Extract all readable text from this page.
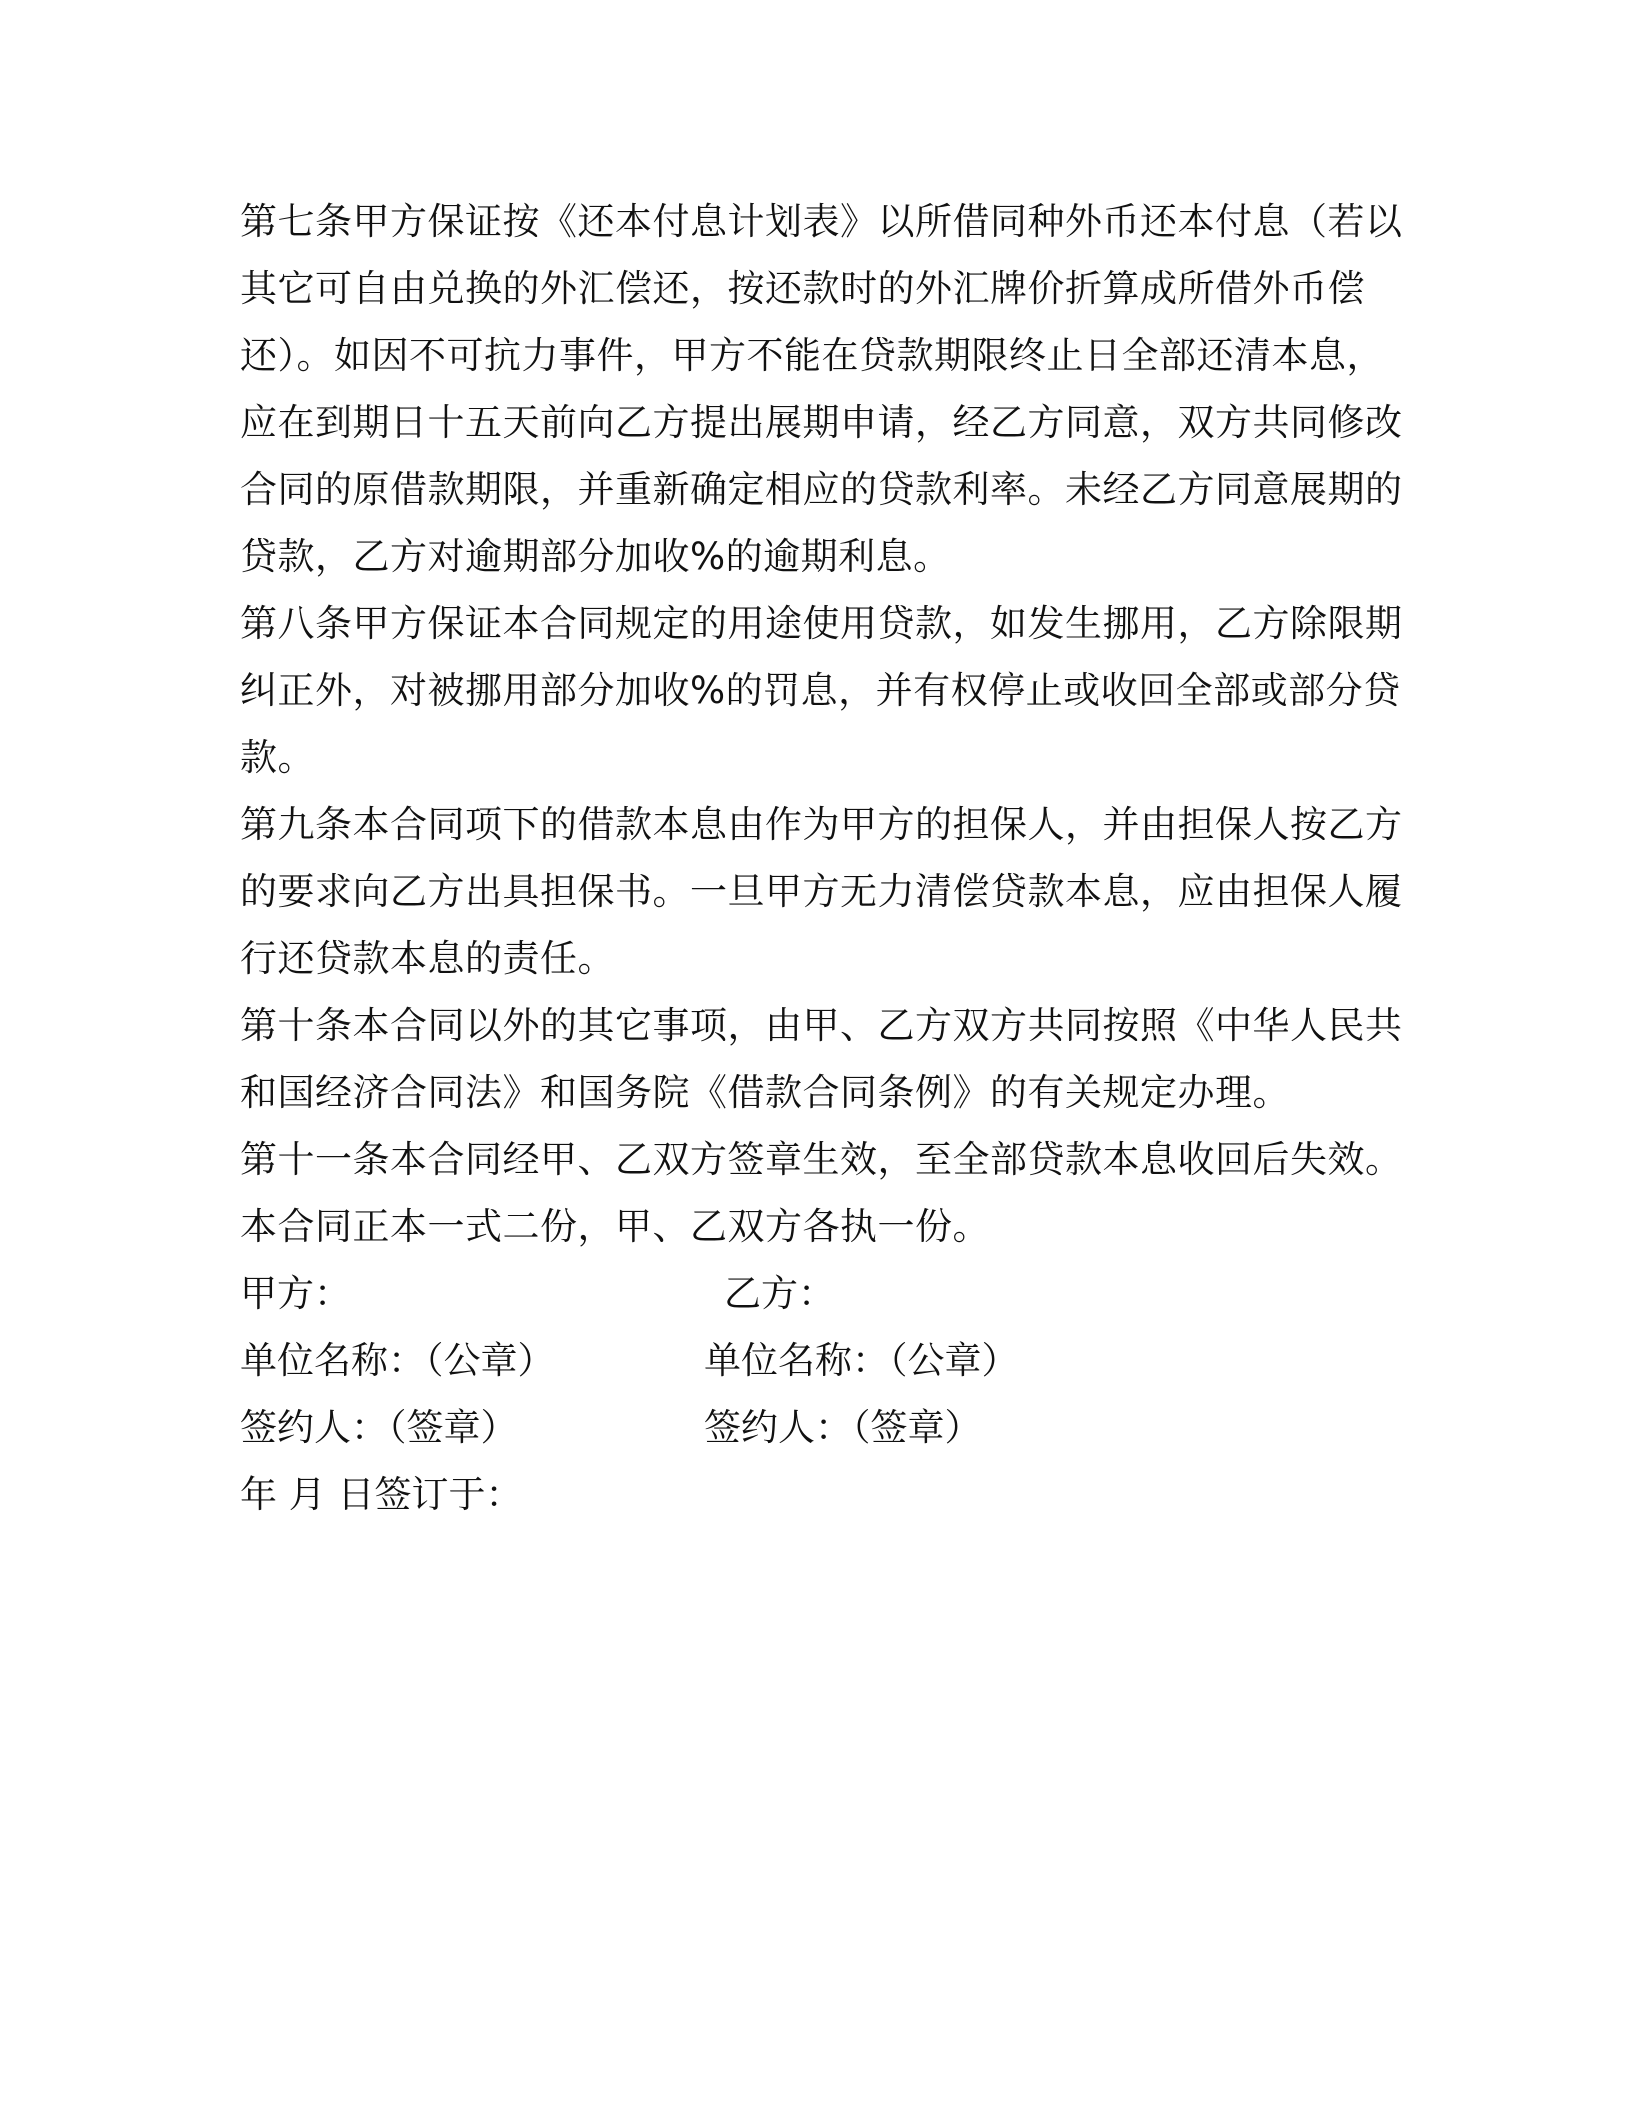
第七条甲方保证按《还本付息计划表》以所借同种外币还本付息（若以
其它可自由兑换的外汇偿还，按还款时的外汇牌价折算成所借外币偿
还）。如因不可抗力事件，甲方不能在贷款期限终止日全部还清本息，
应在到期日十五天前向乙方提出展期申请，经乙方同意，双方共同修改
合同的原借款期限，并重新确定相应的贷款利率。未经乙方同意展期的
贷款，乙方对逾期部分加收%的逾期利息。
第八条甲方保证本合同规定的用途使用贷款，如发生挪用，乙方除限期
纠正外，对被挪用部分加收%的罚息，并有权停止或收回全部或部分贷
款。
第九条本合同项下的借款本息由作为甲方的担保人，并由担保人按乙方
的要求向乙方出具担保书。一旦甲方无力清偿贷款本息，应由担保人履
行还贷款本息的责任。
第十条本合同以外的其它事项，由甲、乙方双方共同按照《中华人民共
和国经济合同法》和国务院《借款合同条例》的有关规定办理。
第十一条本合同经甲、乙双方签章生效，至全部贷款本息收回后失效。
本合同正本一式二份，甲、乙双方各执一份。
甲方：	乙方：
单位名称：（公章）	单位名称：（公章）
签约人：（签章）	签约人：（签章）
年 月 日签订于：
